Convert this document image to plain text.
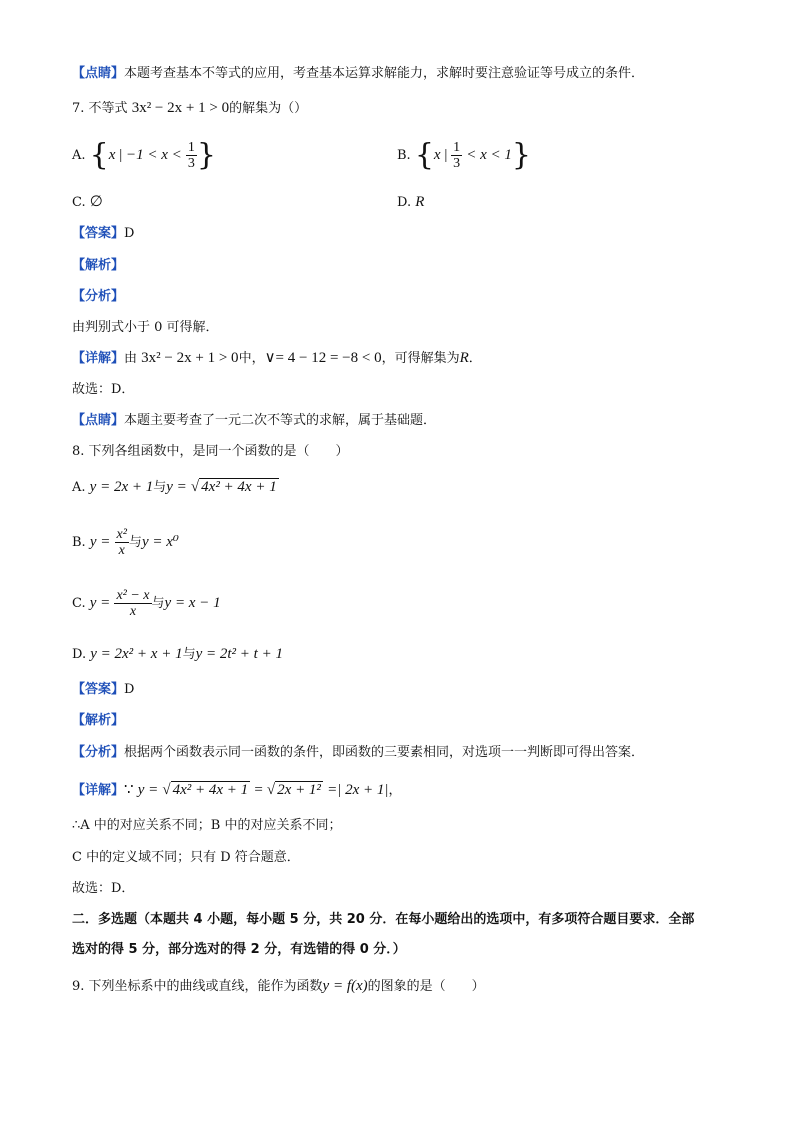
【点睛】本题考查基本不等式的应用，考查基本运算求解能力，求解时要注意验证等号成立的条件．
7. 不等式 3x² − 2x + 1 > 0的解集为（）
A. {x | $-1 < x < \frac{1}{3}$ }	B. {x | $\frac{1}{3} < x < 1$}
C. ∅	D. R
【答案】D
【解析】
【分析】
由判别式小于 0 可得解．
【详解】由 3x² − 2x + 1 > 0中，∨= 4 − 12 = −8 < 0，可得解集为R．
故选：D．
【点睛】本题主要考查了一元二次不等式的求解，属于基础题．
8. 下列各组函数中，是同一个函数的是（　　）
A. y = 2x + 1与y = √ 4x² + 4x + 1
B. $y = \frac{\text{x²}}{x}$ 与y = x⁰
C. $y = \frac{\text{x² − x}}{x}$ 与y = x − 1
D. y = 2x² + x + 1与y = 2t² + t + 1
【答案】D
【解析】
【分析】根据两个函数表示同一函数的条件，即函数的三要素相同，对选项一一判断即可得出答案．
【详解】∵ y = √ 4x² + 4x + 1 = √ 2x + 1² =| 2x + 1|，
∴A 中的对应关系不同；B 中的对应关系不同；
C 中的定义域不同；只有 D 符合题意．
故选：D．
二．多选题（本题共 4 小题，每小题 5 分，共 20 分．在每小题给出的选项中，有多项符合题目要求．全部
选对的得 5 分，部分选对的得 2 分，有选错的得 0 分．）
9. 下列坐标系中的曲线或直线，能作为函数y = f(x)的图象的是（　　）
